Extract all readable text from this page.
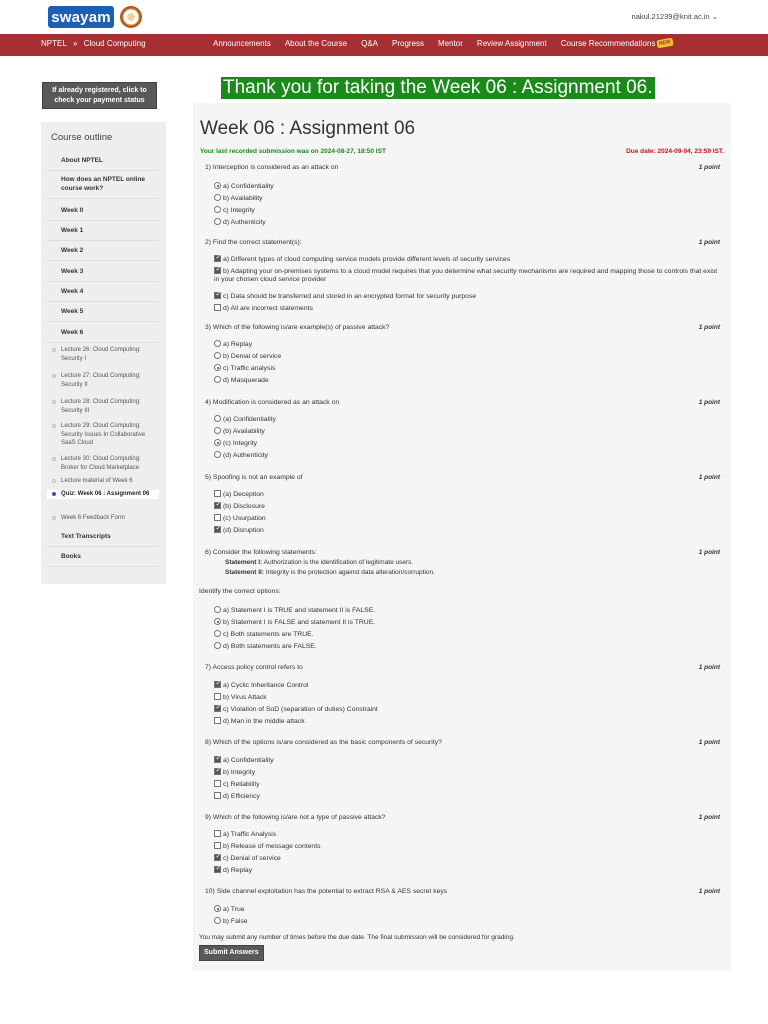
swayam	nakul.21239@knit.ac.in ⌄
NPTEL » Cloud Computing	Announcements About the Course Q&A Progress Mentor Review Assignment Course Recommendations NEW
If already registered, click to check your payment status
Course outline
About NPTEL
How does an NPTEL online course work?
Week 0
Week 1
Week 2
Week 3
Week 4
Week 5
Week 6
Lecture 26: Cloud Computing: Security I
Lecture 27: Cloud Computing: Security II
Lecture 28: Cloud Computing: Security III
Lecture 29: Cloud Computing: Security Issues In Collaborative SaaS Cloud
Lecture 30: Cloud Computing: Broker for Cloud Marketplace
Lecture material of Week 6
Quiz: Week 06 : Assignment 06
Week 6 Feedback Form
Text Transcripts
Books
Thank you for taking the Week 06 : Assignment 06.
Week 06 : Assignment 06
Your last recorded submission was on 2024-08-27, 18:50 IST	Due date: 2024-09-04, 23:59 IST.
You may submit any number of times before the due date. The final submission will be considered for grading.
Submit Answers
1) Interception is considered as an attack on	1 point
a) Confidentiality
b) Availability
c) Integrity
d) Authenticity
2) Find the correct statement(s):	1 point
✓a) Different types of cloud computing service models provide different levels of security services
✓b) Adapting your on-premises systems to a cloud model requires that you determine what security mechanisms are required and mapping those to controls that exist in your chosen cloud service provider
✓c) Data should be transferred and stored in an encrypted format for security purpose
d) All are incorrect statements
3) Which of the following is/are example(s) of passive attack?	1 point
a) Replay
b) Denial of service
c) Traffic analysis
d) Masquerade
4) Modification is considered as an attack on	1 point
(a) Confidentiality
(b) Availability
(c) Integrity
(d) Authenticity
5) Spoofing is not an example of	1 point
(a) Deception
✓(b) Disclosure
(c) Usurpation
✓(d) Disruption
6) Consider the following statements:	1 point
Statement I: Authorization is the identification of legitimate users.
Statement II: Integrity is the protection against data alteration/corruption.
Identify the correct options:
a) Statement I is TRUE and statement II is FALSE.
b) Statement I is FALSE and statement II is TRUE.
c) Both statements are TRUE.
d) Both statements are FALSE.
7) Access policy control refers to	1 point
✓a) Cyclic Inheritance Control
b) Virus Attack
✓c) Violation of SoD (separation of duties) Constraint
d) Man in the middle attack
8) Which of the options is/are considered as the basic components of security?	1 point
✓a) Confidentiality
✓b) Integrity
c) Reliability
d) Efficiency
9) Which of the following is/are not a type of passive attack?	1 point
a) Traffic Analysis
b) Release of message contents
✓c) Denial of service
✓d) Replay
10) Side channel exploitation has the potential to extract RSA & AES secret keys	1 point
a) True
b) False
